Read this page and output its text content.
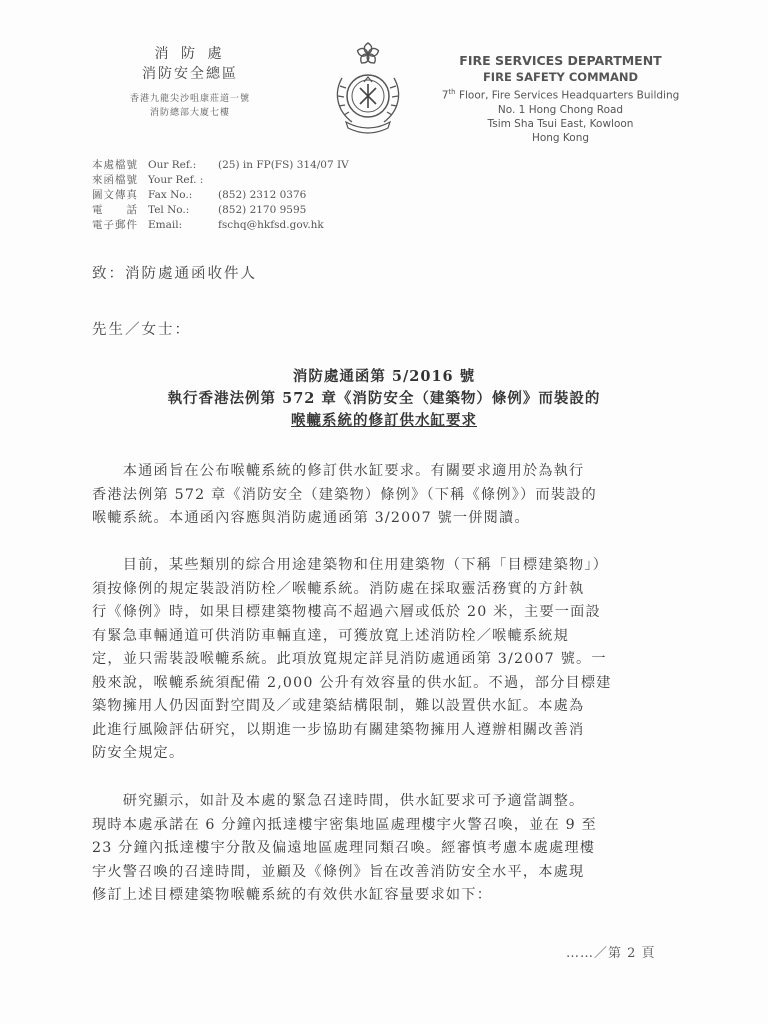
消 防 處
消防安全總區
香港九龍尖沙咀康莊道一號
消防總部大廈七樓
FIRE SERVICES DEPARTMENT
FIRE SAFETY COMMAND
7th Floor, Fire Services Headquarters Building
No. 1 Hong Chong Road
Tsim Sha Tsui East, Kowloon
Hong Kong
本處檔號 Our Ref.:	(25) in FP(FS) 314/07 IV
來函檔號 Your Ref. :
圖文傳真 Fax No.:	(852) 2312 0376
電　　話 Tel No.:	(852) 2170 9595
電子郵件 Email:	fschq@hkfsd.gov.hk
致：消防處通函收件人
先生／女士：
消防處通函第 5/2016 號
執行香港法例第 572 章《消防安全（建築物）條例》而裝設的
喉轆系統的修訂供水缸要求
　　本通函旨在公布喉轆系統的修訂供水缸要求。有關要求適用於為執行
香港法例第 572 章《消防安全（建築物）條例》（下稱《條例》）而裝設的
喉轆系統。本通函內容應與消防處通函第 3/2007 號一併閱讀。
　　目前，某些類別的綜合用途建築物和住用建築物（下稱「目標建築物」）
須按條例的規定裝設消防栓／喉轆系統。消防處在採取靈活務實的方針執
行《條例》時，如果目標建築物樓高不超過六層或低於 20 米，主要一面設
有緊急車輛通道可供消防車輛直達，可獲放寬上述消防栓／喉轆系統規
定，並只需裝設喉轆系統。此項放寬規定詳見消防處通函第 3/2007 號。一
般來說，喉轆系統須配備 2,000 公升有效容量的供水缸。不過，部分目標建
築物擁用人仍因面對空間及／或建築結構限制，難以設置供水缸。本處為
此進行風險評估研究，以期進一步協助有關建築物擁用人遵辦相關改善消
防安全規定。
　　研究顯示，如計及本處的緊急召達時間，供水缸要求可予適當調整。
現時本處承諾在 6 分鐘內抵達樓宇密集地區處理樓宇火警召喚，並在 9 至
23 分鐘內抵達樓宇分散及偏遠地區處理同類召喚。經審慎考慮本處處理樓
宇火警召喚的召達時間，並顧及《條例》旨在改善消防安全水平，本處現
修訂上述目標建築物喉轆系統的有效供水缸容量要求如下：
……／第 2 頁
